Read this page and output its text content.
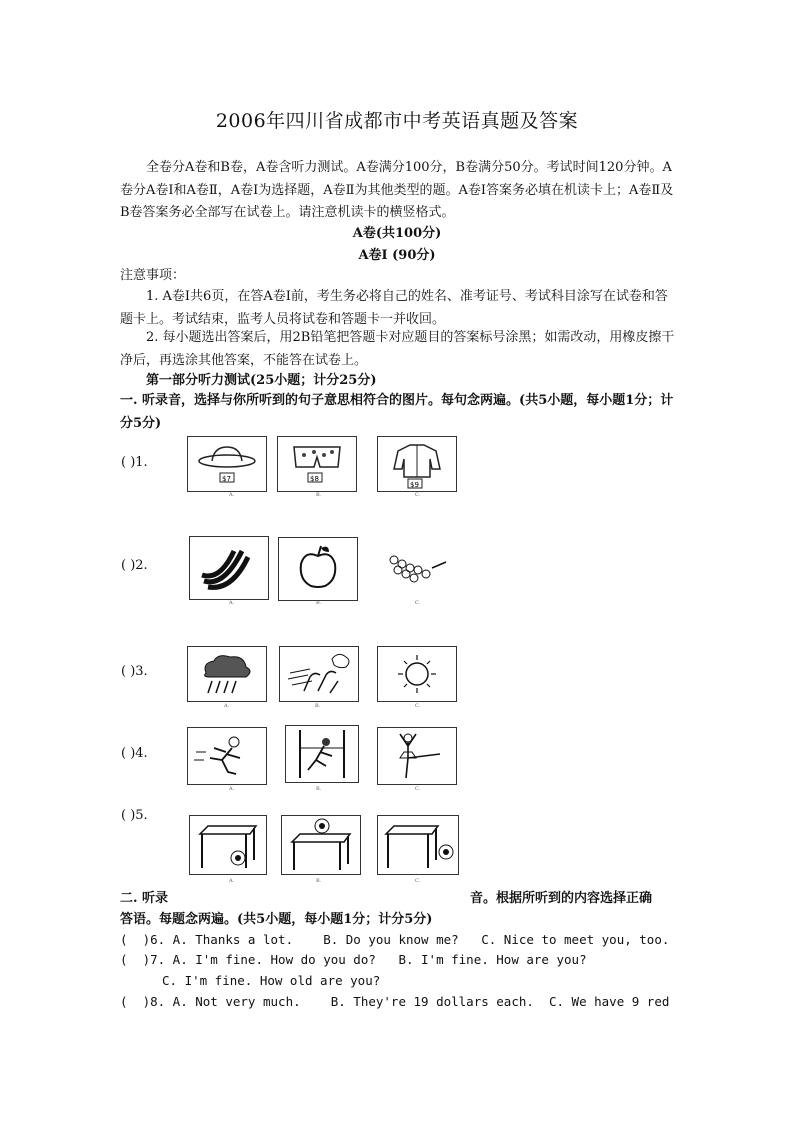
2006年四川省成都市中考英语真题及答案
全卷分A卷和B卷，A卷含听力测试。A卷满分100分，B卷满分50分。考试时间120分钟。A卷分A卷Ⅰ和A卷Ⅱ，A卷Ⅰ为选择题，A卷Ⅱ为其他类型的题。A卷Ⅰ答案务必填在机读卡上；A卷Ⅱ及B卷答案务必全部写在试卷上。请注意机读卡的横竖格式。
A卷(共100分)
A卷Ⅰ (90分)
注意事项：
1. A卷Ⅰ共6页，在答A卷Ⅰ前，考生务必将自己的姓名、准考证号、考试科目涂写在试卷和答题卡上。考试结束，监考人员将试卷和答题卡一并收回。
2. 每小题选出答案后，用2B铅笔把答题卡对应题目的答案标号涂黑；如需改动，用橡皮擦干净后，再选涂其他答案，不能答在试卷上。
第一部分听力测试(25小题；计分25分)
一. 听录音，选择与你所听到的句子意思相符合的图片。每句念两遍。(共5小题，每小题1分；计分5分)
( )1.
$7	$8
$9
A.	B.	C.
( )2.
A.	B.	C.
( )3.
A.	B.	C.
( )4.
A.	B.	C.
( )5.
A.	B.	C.
二. 听录	音。根据所听到的内容选择正确
答语。每题念两遍。(共5小题，每小题1分；计分5分)
(  )6. A. Thanks a lot.    B. Do you know me?   C. Nice to meet you, too.
(  )7. A. I'm fine. How do you do?   B. I'm fine. How are you?
C. I'm fine. How old are you?
(  )8. A. Not very much.    B. They're 19 dollars each.  C. We have 9 red
